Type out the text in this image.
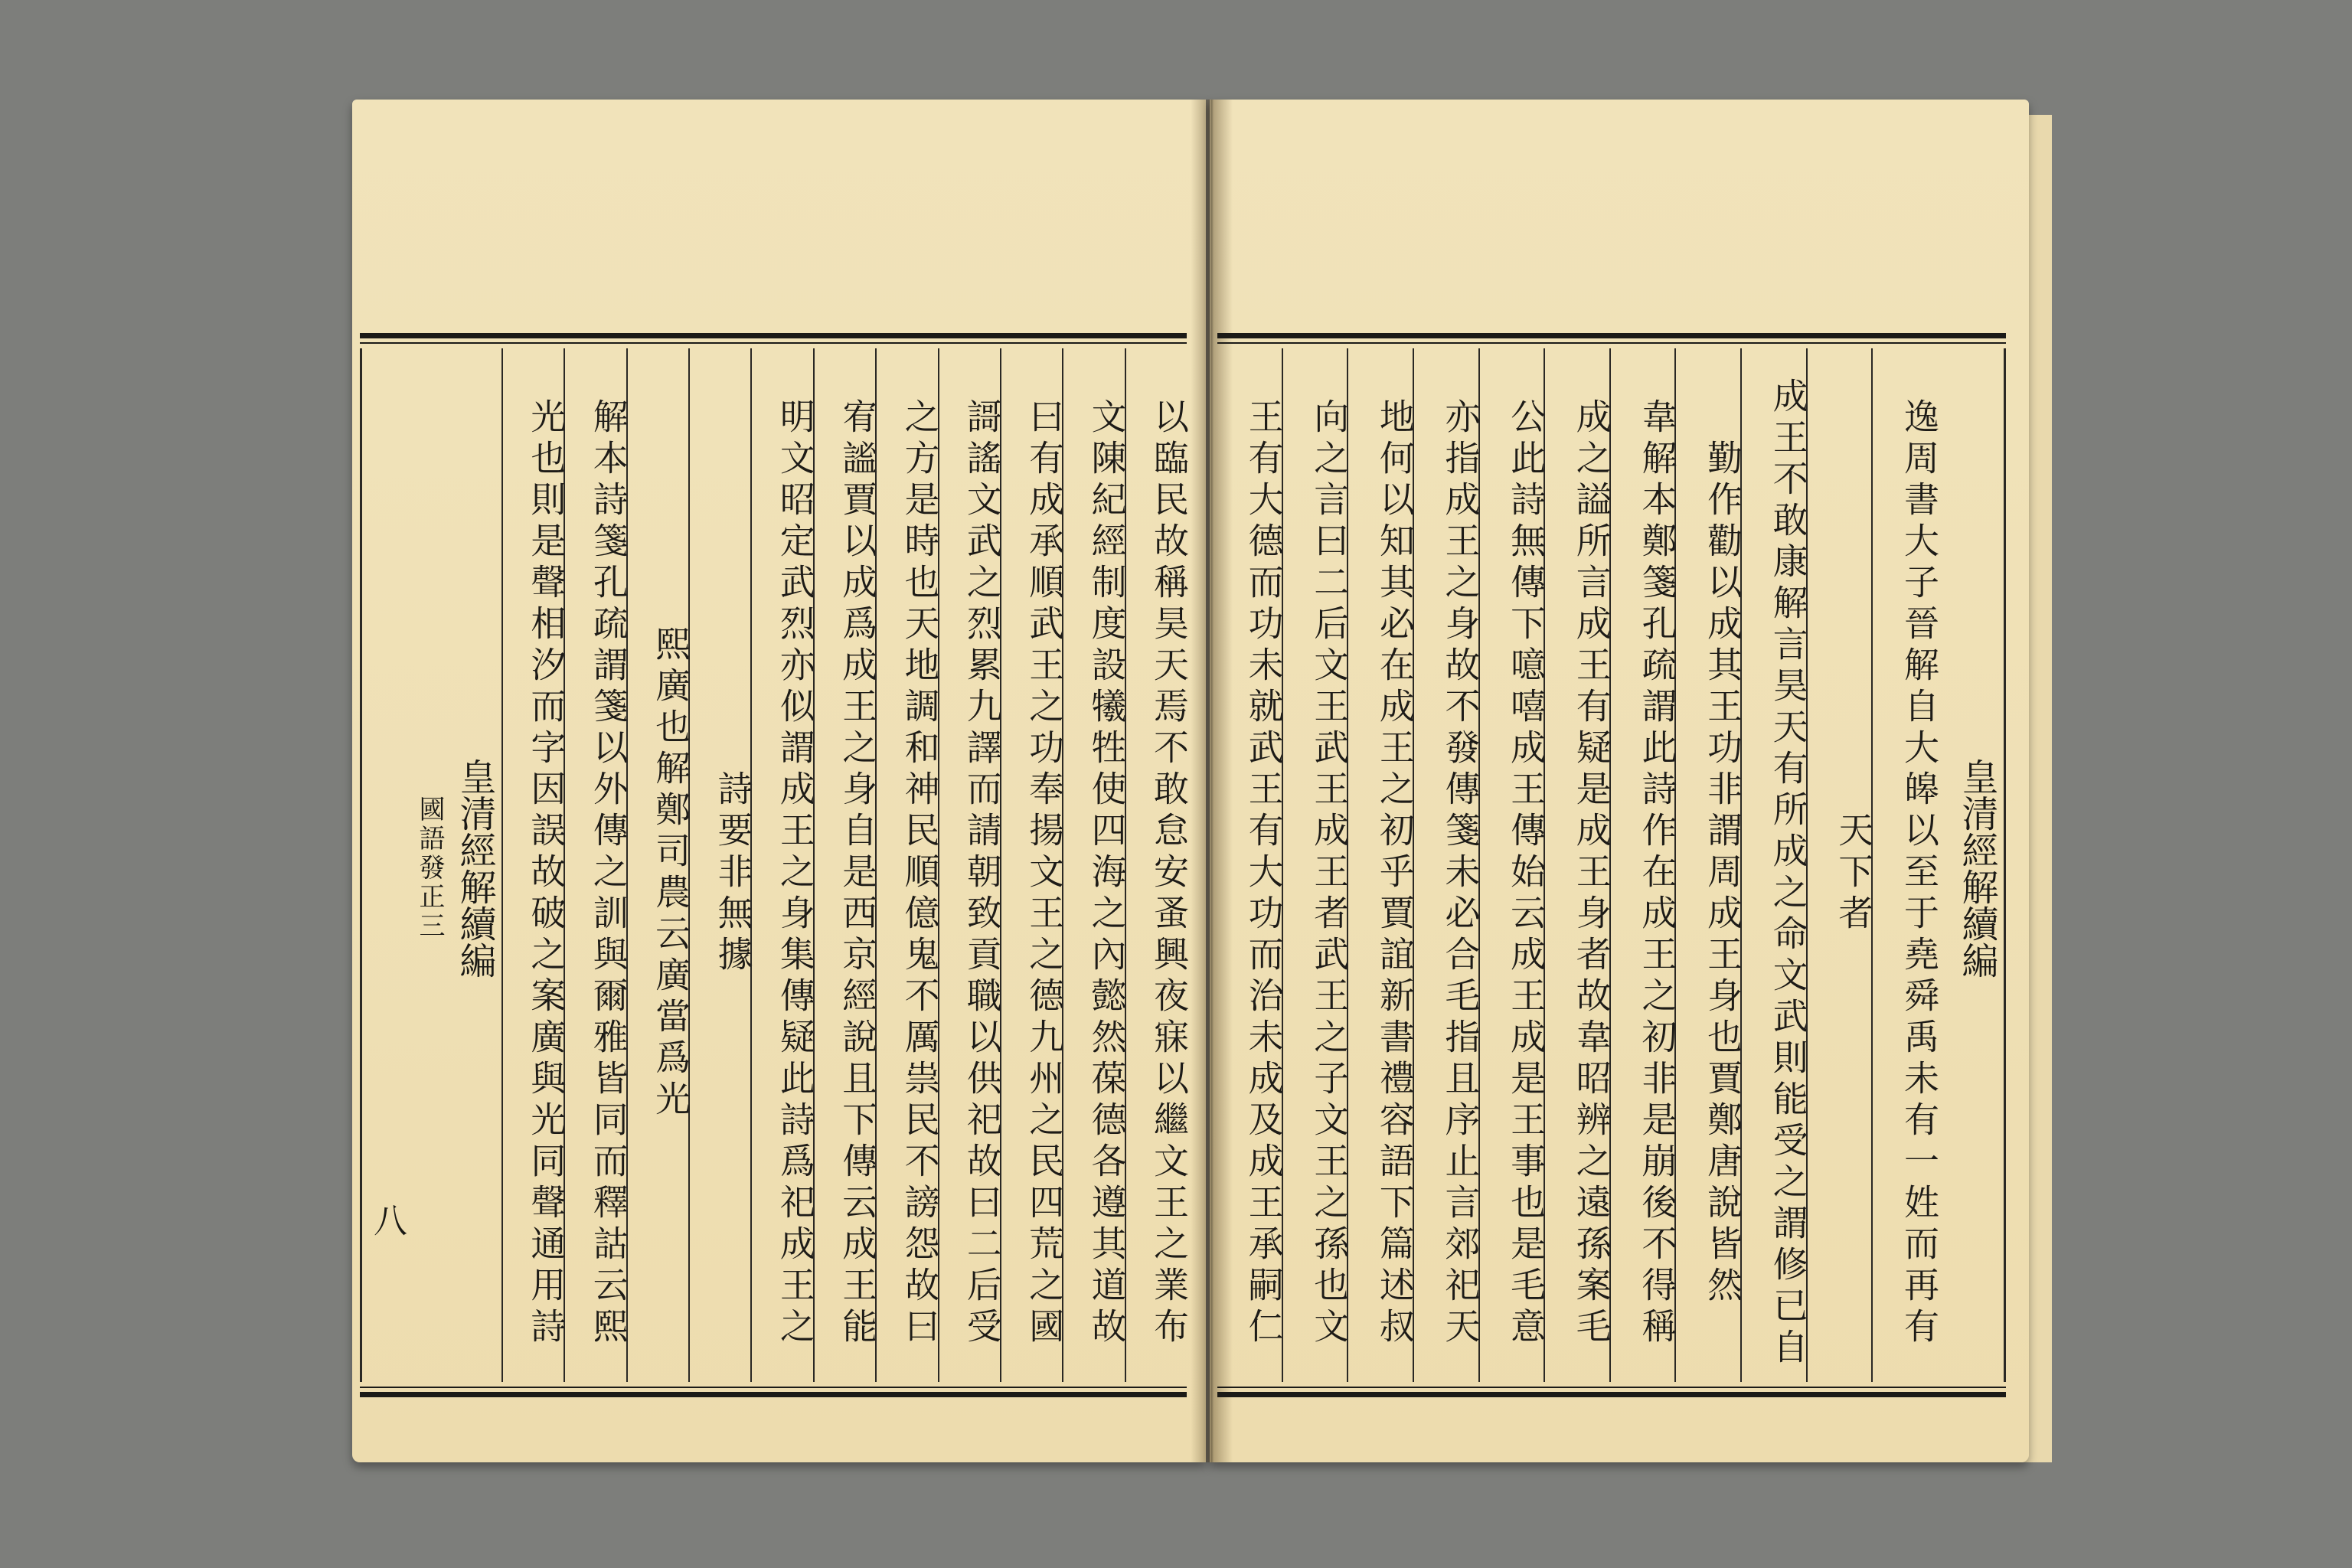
以臨民故稱昊天焉不敢怠安蚤興夜寐以繼文王之業布
文陳紀經制度設犧牲使四海之內懿然葆德各遵其道故
曰有成承順武王之功奉揚文王之德九州之民四荒之國
謌謠文武之烈累九譯而請朝致貢職以供祀故曰二后受
之方是時也天地調和神民順億鬼不厲祟民不謗怨故曰
宥謐賈以成爲成王之身自是西京經說且下傳云成王能
明文昭定武烈亦似謂成王之身集傳疑此詩爲祀成王之
詩要非無據
熙廣也解鄭司農云廣當爲光
解本詩箋孔疏謂箋以外傳之訓與爾雅皆同而釋詁云熙
光也則是聲相汐而字因誤故破之案廣與光同聲通用詩
皇清經解續編
國語發正三
八
皇清經解續編
逸周書大子晉解自大皞以至于堯舜禹未有一姓而再有
天下者
成王不敢康解言昊天有所成之命文武則能受之謂修已自
勤作勸以成其王功非謂周成王身也賈鄭唐說皆然
韋解本鄭箋孔疏謂此詩作在成王之初非是崩後不得稱
成之謚所言成王有疑是成王身者故韋昭辨之遠孫案毛
公此詩無傳下噫嘻成王傳始云成王成是王事也是毛意
亦指成王之身故不發傳箋未必合毛指且序止言郊祀天
地何以知其必在成王之初乎賈誼新書禮容語下篇述叔
向之言曰二后文王武王成王者武王之子文王之孫也文
王有大德而功未就武王有大功而治未成及成王承嗣仁
